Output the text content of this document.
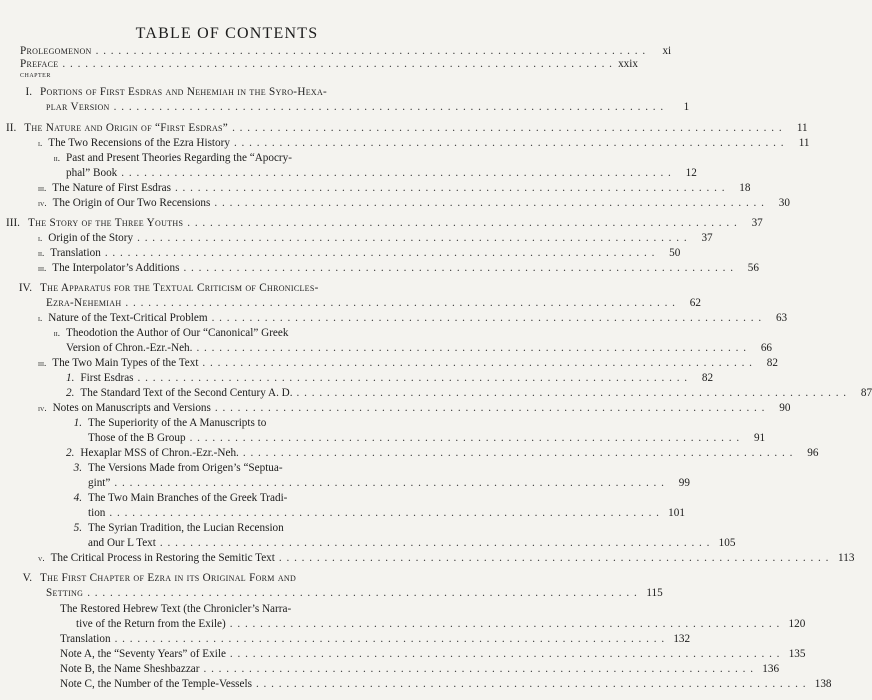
TABLE OF CONTENTS
CHAPTER
Prolegomenon . . .	xi
Preface . . .	xxix
I. Portions of First Esdras and Nehemiah in the Syro-Hexa-
plar Version . . .	1
II. The Nature and Origin of “First Esdras” . . .	11
i. The Two Recensions of the Ezra History . . .	11
ii. Past and Present Theories Regarding the “Apocry-
phal” Book . . .	12
iii. The Nature of First Esdras . . .	18
iv. The Origin of Our Two Recensions . . .	30
III. The Story of the Three Youths . . .	37
i. Origin of the Story . . .	37
ii. Translation . . .	50
iii. The Interpolator’s Additions . . .	56
IV. The Apparatus for the Textual Criticism of Chronicles-
Ezra-Nehemiah . . .	62
i. Nature of the Text-Critical Problem . . .	63
ii. Theodotion the Author of Our “Canonical” Greek
Version of Chron.-Ezr.-Neh. . . .	66
iii. The Two Main Types of the Text . . .	82
1. First Esdras . . .	82
2. The Standard Text of the Second Century A. D. . . .	87
iv. Notes on Manuscripts and Versions . . .	90
1. The Superiority of the A Manuscripts to
Those of the B Group . . .	91
2. Hexaplar MSS of Chron.-Ezr.-Neh. . . .	96
3. The Versions Made from Origen’s “Septua-
gint” . . .	99
4. The Two Main Branches of the Greek Tradi-
tion . . .	101
5. The Syrian Tradition, the Lucian Recension
and Our L Text . . .	105
v. The Critical Process in Restoring the Semitic Text . . .	113
V. The First Chapter of Ezra in its Original Form and
Setting . . .	115
The Restored Hebrew Text (the Chronicler’s Narra-
tive of the Return from the Exile) . . .	120
Translation . . .	132
Note A, the “Seventy Years” of Exile . . .	135
Note B, the Name Sheshbazzar . . .	136
Note C, the Number of the Temple-Vessels . . .	138
